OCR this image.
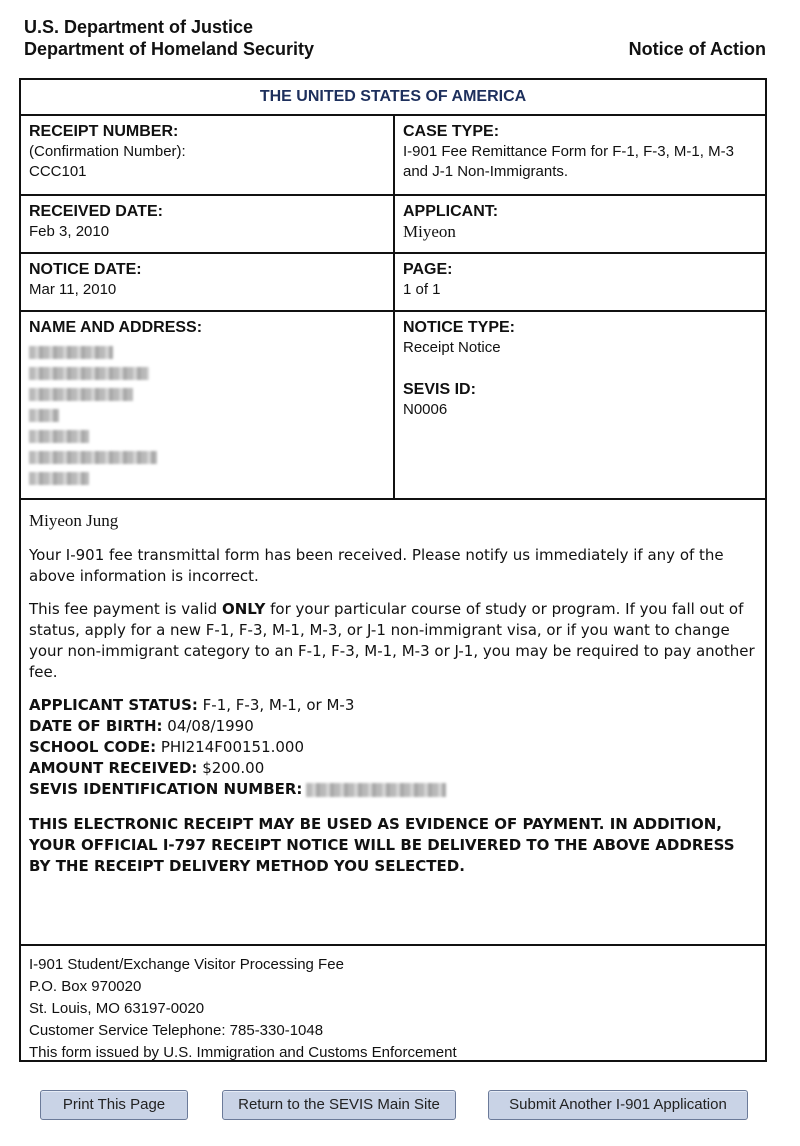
U.S. Department of Justice
Department of Homeland Security	Notice of Action
THE UNITED STATES OF AMERICA
RECEIPT NUMBER:
(Confirmation Number):
CCC101
CASE TYPE:
I-901 Fee Remittance Form for F-1, F-3, M-1, M-3 and J-1 Non-Immigrants.
RECEIVED DATE:
Feb 3, 2010
APPLICANT:
Miyeon
NOTICE DATE:
Mar 11, 2010
PAGE:
1 of 1
NAME AND ADDRESS:	NOTICE TYPE:
Receipt Notice
SEVIS ID:
N0006
Miyeon Jung

Your I-901 fee transmittal form has been received. Please notify us immediately if any of the above information is incorrect.

This fee payment is valid ONLY for your particular course of study or program. If you fall out of status, apply for a new F-1, F-3, M-1, M-3, or J-1 non-immigrant visa, or if you want to change your non-immigrant category to an F-1, F-3, M-1, M-3 or J-1, you may be required to pay another fee.

APPLICANT STATUS: F-1, F-3, M-1, or M-3
DATE OF BIRTH: 04/08/1990
SCHOOL CODE: PHI214F00151.000
AMOUNT RECEIVED: $200.00
SEVIS IDENTIFICATION NUMBER:
THIS ELECTRONIC RECEIPT MAY BE USED AS EVIDENCE OF PAYMENT. IN ADDITION, YOUR OFFICIAL I-797 RECEIPT NOTICE WILL BE DELIVERED TO THE ABOVE ADDRESS BY THE RECEIPT DELIVERY METHOD YOU SELECTED.
I-901 Student/Exchange Visitor Processing Fee
P.O. Box 970020
St. Louis, MO 63197-0020
Customer Service Telephone: 785-330-1048
This form issued by U.S. Immigration and Customs Enforcement
Print This Page	Return to the SEVIS Main Site	Submit Another I-901 Application
